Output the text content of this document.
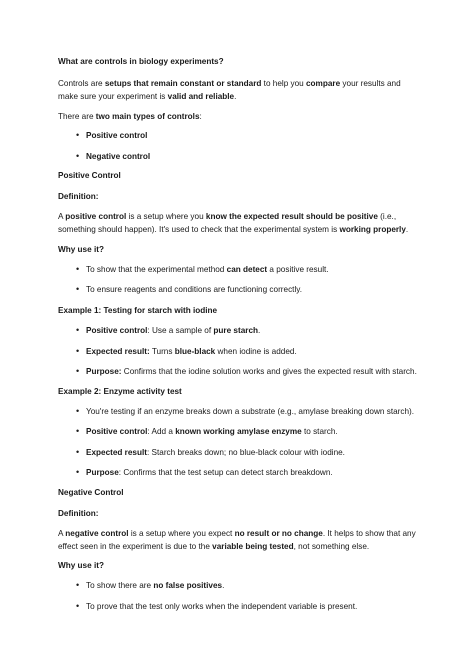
What are controls in biology experiments?
Controls are setups that remain constant or standard to help you compare your results and make sure your experiment is valid and reliable.
There are two main types of controls:
• Positive control
• Negative control
Positive Control
Definition:
A positive control is a setup where you know the expected result should be positive (i.e., something should happen). It's used to check that the experimental system is working properly.
Why use it?
• To show that the experimental method can detect a positive result.
• To ensure reagents and conditions are functioning correctly.
Example 1: Testing for starch with iodine
• Positive control: Use a sample of pure starch.
• Expected result: Turns blue-black when iodine is added.
• Purpose: Confirms that the iodine solution works and gives the expected result with starch.
Example 2: Enzyme activity test
• You're testing if an enzyme breaks down a substrate (e.g., amylase breaking down starch).
• Positive control: Add a known working amylase enzyme to starch.
• Expected result: Starch breaks down; no blue-black colour with iodine.
• Purpose: Confirms that the test setup can detect starch breakdown.
Negative Control
Definition:
A negative control is a setup where you expect no result or no change. It helps to show that any effect seen in the experiment is due to the variable being tested, not something else.
Why use it?
• To show there are no false positives.
• To prove that the test only works when the independent variable is present.
